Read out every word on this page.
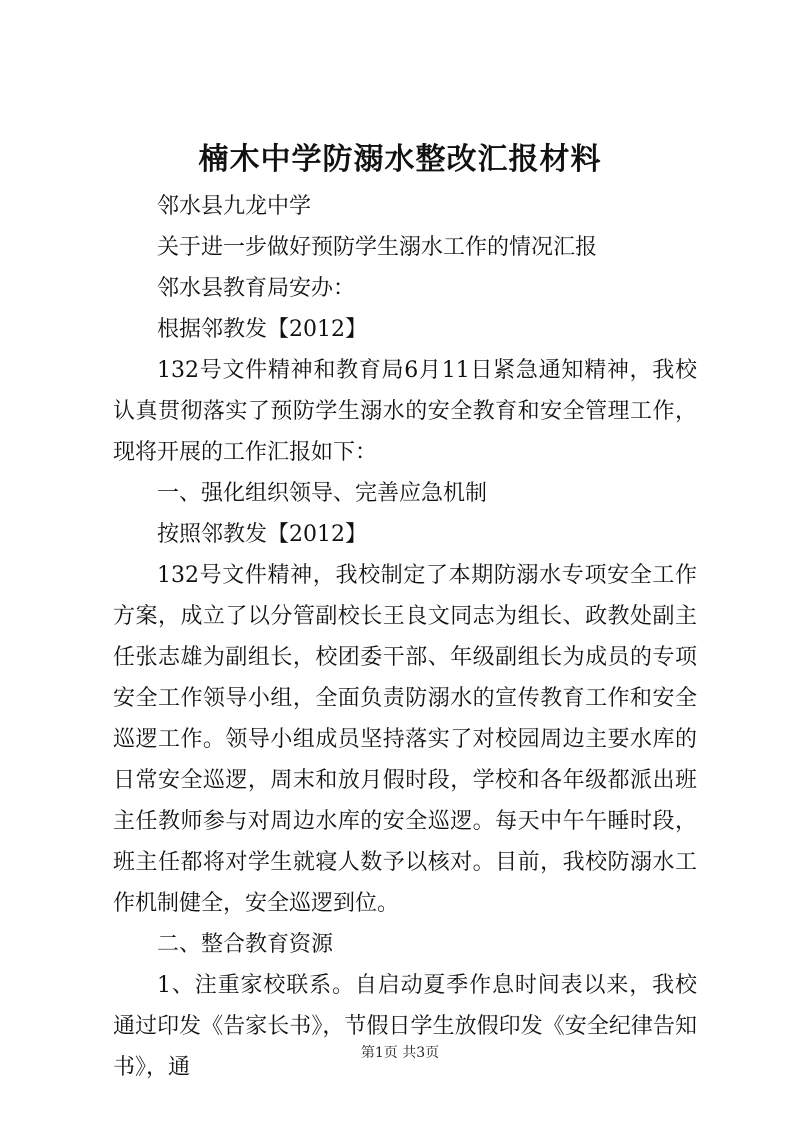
楠木中学防溺水整改汇报材料

邻水县九龙中学

关于进一步做好预防学生溺水工作的情况汇报

邻水县教育局安办：

根据邻教发【2012】

132号文件精神和教育局6月11日紧急通知精神，我校认真贯彻落实了预防学生溺水的安全教育和安全管理工作，现将开展的工作汇报如下：

一、强化组织领导、完善应急机制

按照邻教发【2012】

132号文件精神，我校制定了本期防溺水专项安全工作方案，成立了以分管副校长王良文同志为组长、政教处副主任张志雄为副组长，校团委干部、年级副组长为成员的专项安全工作领导小组，全面负责防溺水的宣传教育工作和安全巡逻工作。领导小组成员坚持落实了对校园周边主要水库的日常安全巡逻，周末和放月假时段，学校和各年级都派出班主任教师参与对周边水库的安全巡逻。每天中午午睡时段，班主任都将对学生就寝人数予以核对。目前，我校防溺水工作机制健全，安全巡逻到位。

二、整合教育资源

1、注重家校联系。自启动夏季作息时间表以来，我校通过印发《告家长书》，节假日学生放假印发《安全纪律告知书》，通

第1页 共3页
